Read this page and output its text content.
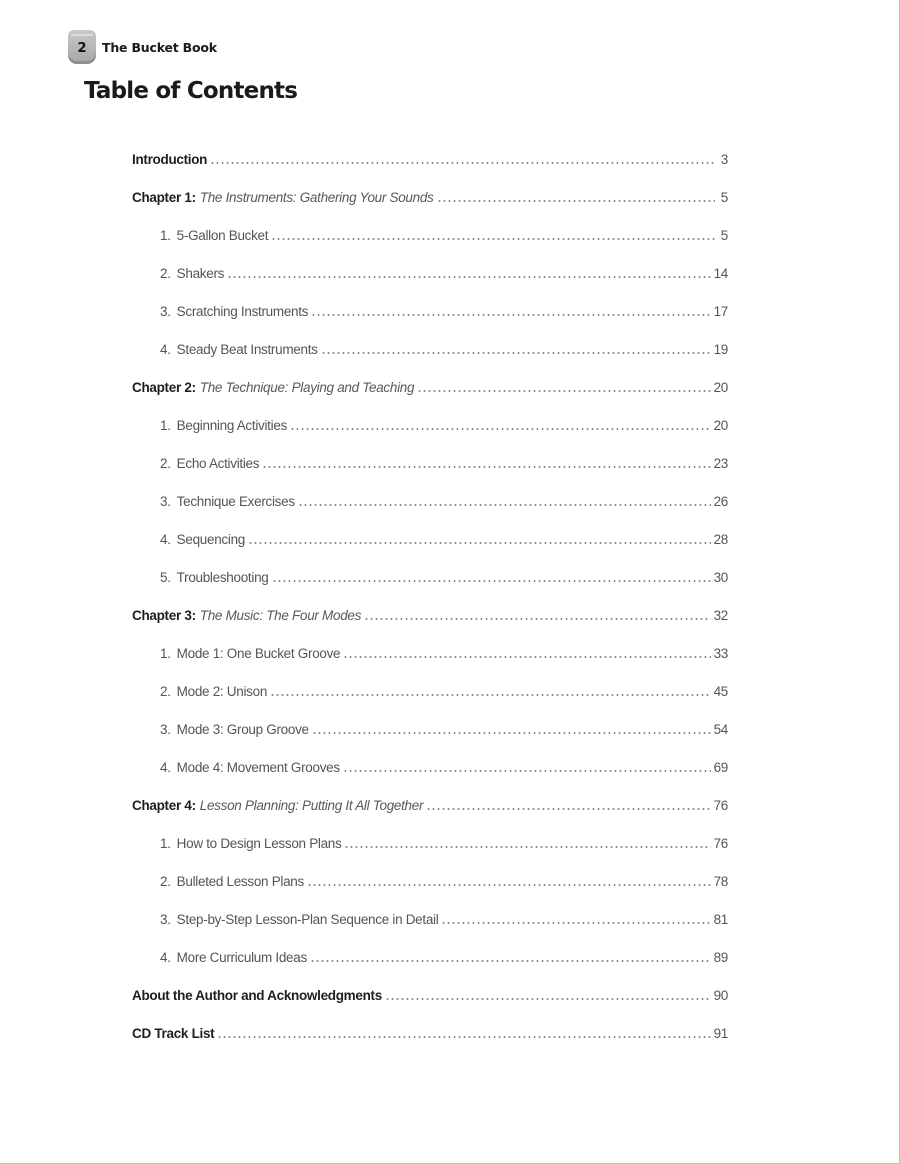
2 The Bucket Book
Table of Contents
Introduction	3
Chapter 1: The Instruments: Gathering Your Sounds	5
1. 5-Gallon Bucket	5
2. Shakers	14
3. Scratching Instruments	17
4. Steady Beat Instruments	19
Chapter 2: The Technique: Playing and Teaching	20
1. Beginning Activities	20
2. Echo Activities	23
3. Technique Exercises	26
4. Sequencing	28
5. Troubleshooting	30
Chapter 3: The Music: The Four Modes	32
1. Mode 1: One Bucket Groove	33
2. Mode 2: Unison	45
3. Mode 3: Group Groove	54
4. Mode 4: Movement Grooves	69
Chapter 4: Lesson Planning: Putting It All Together	76
1. How to Design Lesson Plans	76
2. Bulleted Lesson Plans	78
3. Step-by-Step Lesson-Plan Sequence in Detail	81
4. More Curriculum Ideas	89
About the Author and Acknowledgments	90
CD Track List	91
